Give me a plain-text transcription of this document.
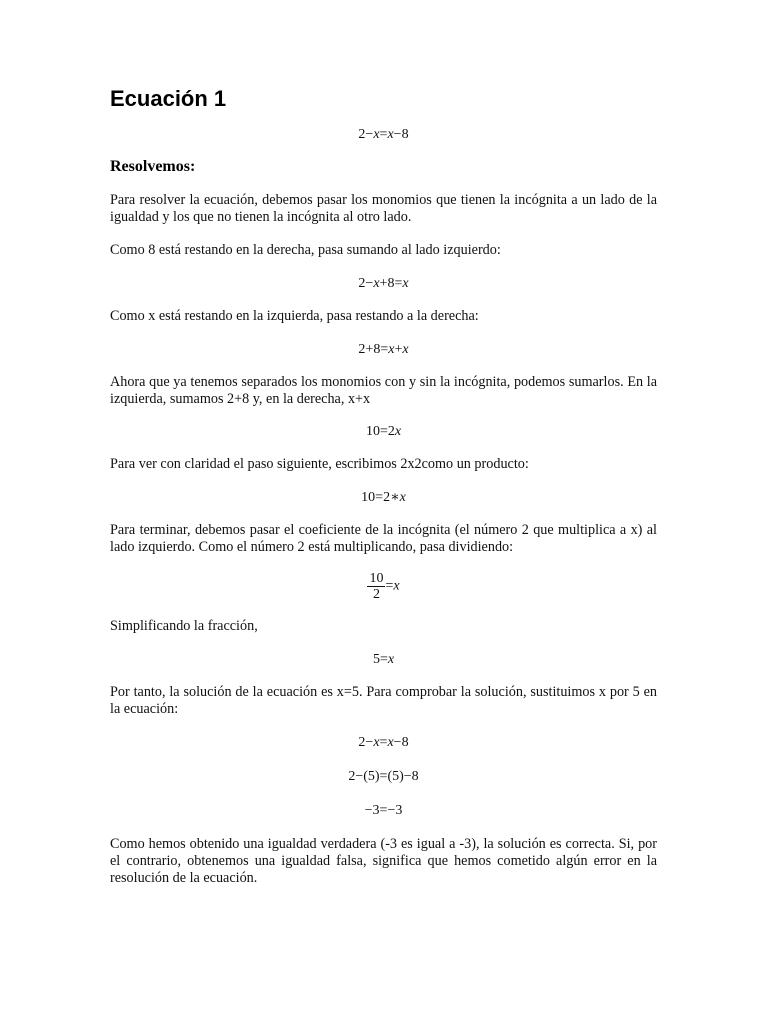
Ecuación 1
2−x=x−8
Resolvemos:

Para resolver la ecuación, debemos pasar los monomios que tienen la incógnita a un lado de la igualdad y los que no tienen la incógnita al otro lado.

Como 8 está restando en la derecha, pasa sumando al lado izquierdo:

2−x+8=x

Como x está restando en la izquierda, pasa restando a la derecha:

2+8=x+x

Ahora que ya tenemos separados los monomios con y sin la incógnita, podemos sumarlos. En la izquierda, sumamos 2+8 y, en la derecha, x+x

10=2x

Para ver con claridad el paso siguiente, escribimos 2x2como un producto:

10=2∗x

Para terminar, debemos pasar el coeficiente de la incógnita (el número 2 que multiplica a x) al lado izquierdo. Como el número 2 está multiplicando, pasa dividiendo:

$\frac{10}{2} =x$

Simplificando la fracción,

5=x

Por tanto, la solución de la ecuación es x=5. Para comprobar la solución, sustituimos x por 5 en la ecuación:

2−x=x−8
2−(5)=(5)−8
−3=−3

Como hemos obtenido una igualdad verdadera (-3 es igual a -3), la solución es correcta. Si, por el contrario, obtenemos una igualdad falsa, significa que hemos cometido algún error en la resolución de la ecuación.
